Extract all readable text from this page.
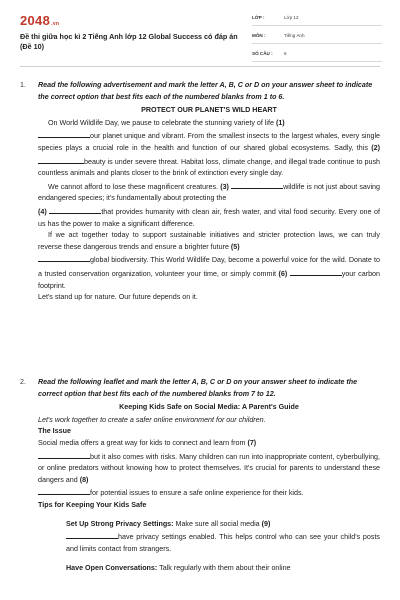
2048.vn
Đề thi giữa học kì 2 Tiếng Anh lớp 12 Global Success có đáp án (Đề 10)
LỚP :	Lớp 12
MÔN :	Tiếng Anh
SỐ CÂU : 6
1. Read the following advertisement and mark the letter A, B, C or D on your answer sheet to indicate the correct option that best fits each of the numbered blanks from 1 to 6.
PROTECT OUR PLANET'S WILD HEART

On World Wildlife Day, we pause to celebrate the stunning variety of life (1)
our planet unique and vibrant. From the smallest insects to the largest whales, every single species plays a crucial role in the health and function of our shared global ecosystems. Sadly, this (2) beauty is under severe threat. Habitat loss, climate change, and illegal trade continue to push countless animals and plants closer to the brink of extinction every single day.

We cannot afford to lose these magnificent creatures. (3)	wildlife is not just about saving endangered species; it's fundamentally about protecting the
(4)	that provides humanity with clean air, fresh water, and vital food security. Every one of us has the power to make a significant difference.

If we act together today to support sustainable initiatives and stricter protection laws, we can truly reverse these dangerous trends and ensure a brighter future (5)
global biodiversity. This World Wildlife Day, become a powerful voice for the wild. Donate to a trusted conservation organization, volunteer your time, or simply commit (6)	your carbon footprint.

Let's stand up for nature. Our future depends on it.

2. Read the following leaflet and mark the letter A, B, C or D on your answer sheet to indicate the correct option that best fits each of the numbered blanks from 7 to 12.
Keeping Kids Safe on Social Media: A Parent's Guide
Let's work together to create a safer online environment for our children.
The Issue

Social media offers a great way for kids to connect and learn from (7)
but it also comes with risks. Many children can run into inappropriate content, cyberbullying, or online predators without knowing how to protect themselves. It's crucial for parents to understand these dangers and (8)
for potential issues to ensure a safe online experience for their kids.

Tips for Keeping Your Kids Safe

Set Up Strong Privacy Settings: Make sure all social media (9)
have privacy settings enabled. This helps control who can see your child's posts and limits contact from strangers.

Have Open Conversations: Talk regularly with them about their online
